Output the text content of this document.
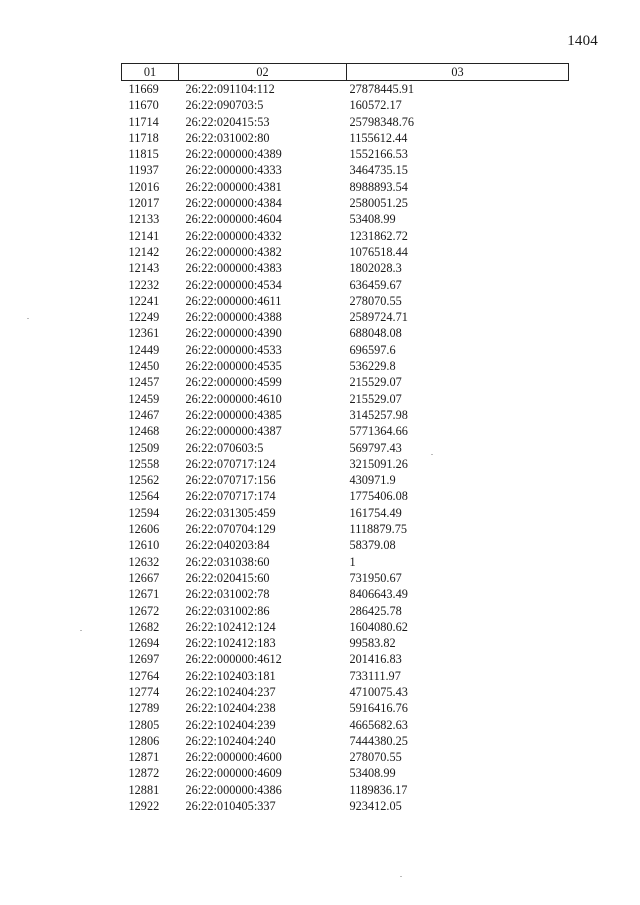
1404
01	02	03
11669	26:22:091104:112	27878445.91
11670	26:22:090703:5	160572.17
11714	26:22:020415:53	25798348.76
11718	26:22:031002:80	1155612.44
11815	26:22:000000:4389	1552166.53
11937	26:22:000000:4333	3464735.15
12016	26:22:000000:4381	8988893.54
12017	26:22:000000:4384	2580051.25
12133	26:22:000000:4604	53408.99
12141	26:22:000000:4332	1231862.72
12142	26:22:000000:4382	1076518.44
12143	26:22:000000:4383	1802028.3
12232	26:22:000000:4534	636459.67
12241	26:22:000000:4611	278070.55
12249	26:22:000000:4388	2589724.71
12361	26:22:000000:4390	688048.08
12449	26:22:000000:4533	696597.6
12450	26:22:000000:4535	536229.8
12457	26:22:000000:4599	215529.07
12459	26:22:000000:4610	215529.07
12467	26:22:000000:4385	3145257.98
12468	26:22:000000:4387	5771364.66
12509	26:22:070603:5	569797.43
12558	26:22:070717:124	3215091.26
12562	26:22:070717:156	430971.9
12564	26:22:070717:174	1775406.08
12594	26:22:031305:459	161754.49
12606	26:22:070704:129	1118879.75
12610	26:22:040203:84	58379.08
12632	26:22:031038:60	1
12667	26:22:020415:60	731950.67
12671	26:22:031002:78	8406643.49
12672	26:22:031002:86	286425.78
12682	26:22:102412:124	1604080.62
12694	26:22:102412:183	99583.82
12697	26:22:000000:4612	201416.83
12764	26:22:102403:181	733111.97
12774	26:22:102404:237	4710075.43
12789	26:22:102404:238	5916416.76
12805	26:22:102404:239	4665682.63
12806	26:22:102404:240	7444380.25
12871	26:22:000000:4600	278070.55
12872	26:22:000000:4609	53408.99
12881	26:22:000000:4386	1189836.17
12922	26:22:010405:337	923412.05
